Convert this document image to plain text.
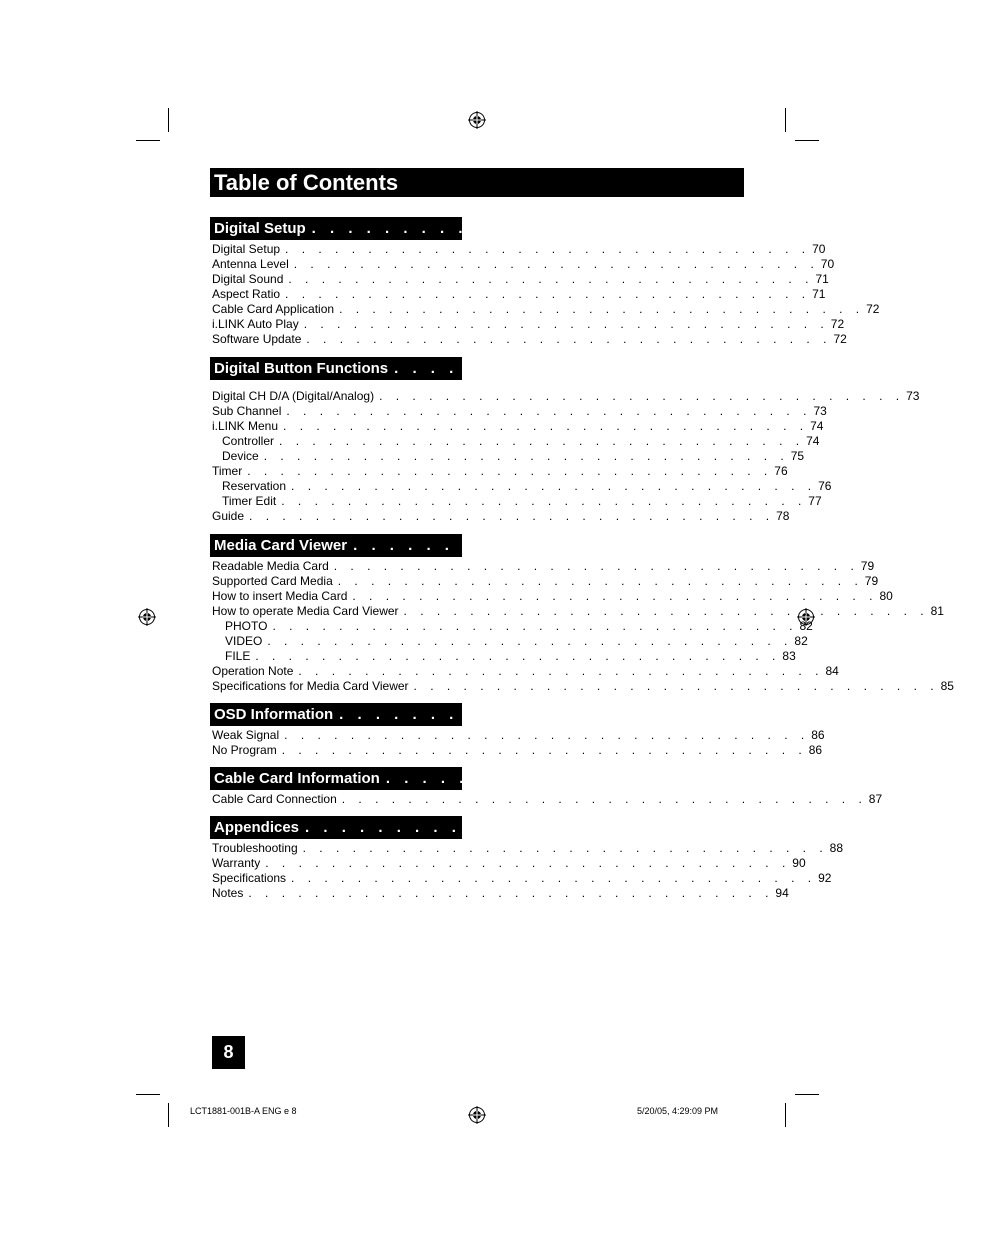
Table of Contents
Digital Setup . . . . . . . . . . . . . . . . . . . . . . . . . . . . . . . . 70
Digital Setup . . . . . . . . . . . . . . . . . . . . . . . . . . . . . . . . 70
Antenna Level . . . . . . . . . . . . . . . . . . . . . . . . . . . . . . . . 70
Digital Sound . . . . . . . . . . . . . . . . . . . . . . . . . . . . . . . . 71
Aspect Ratio . . . . . . . . . . . . . . . . . . . . . . . . . . . . . . . . 71
Cable Card Application . . . . . . . . . . . . . . . . . . . . . . . . . . . . . . . . 72
i.LINK Auto Play . . . . . . . . . . . . . . . . . . . . . . . . . . . . . . . . 72
Software Update . . . . . . . . . . . . . . . . . . . . . . . . . . . . . . . . 72
Digital Button Functions . . . . . . . . . . . . . . . . . . . . . . . . . . . . . . . . 73
Digital CH D/A (Digital/Analog) . . . . . . . . . . . . . . . . . . . . . . . . . . . . . . . . 73
Sub Channel . . . . . . . . . . . . . . . . . . . . . . . . . . . . . . . . 73
i.LINK Menu . . . . . . . . . . . . . . . . . . . . . . . . . . . . . . . . 74
Controller . . . . . . . . . . . . . . . . . . . . . . . . . . . . . . . . 74
Device . . . . . . . . . . . . . . . . . . . . . . . . . . . . . . . . 75
Timer . . . . . . . . . . . . . . . . . . . . . . . . . . . . . . . . 76
Reservation . . . . . . . . . . . . . . . . . . . . . . . . . . . . . . . . 76
Timer Edit . . . . . . . . . . . . . . . . . . . . . . . . . . . . . . . . 77
Guide . . . . . . . . . . . . . . . . . . . . . . . . . . . . . . . . 78
Media Card Viewer . . . . . . . . . . . . . . . . . . . . . . . . . . . . . . . . 79
Readable Media Card . . . . . . . . . . . . . . . . . . . . . . . . . . . . . . . . 79
Supported Card Media . . . . . . . . . . . . . . . . . . . . . . . . . . . . . . . . 79
How to insert Media Card . . . . . . . . . . . . . . . . . . . . . . . . . . . . . . . . 80
How to operate Media Card Viewer . . . . . . . . . . . . . . . . . . . . . . . . . . . . . . . . 81
PHOTO . . . . . . . . . . . . . . . . . . . . . . . . . . . . . . . . 82
VIDEO . . . . . . . . . . . . . . . . . . . . . . . . . . . . . . . . 82
FILE . . . . . . . . . . . . . . . . . . . . . . . . . . . . . . . . 83
Operation Note . . . . . . . . . . . . . . . . . . . . . . . . . . . . . . . . 84
Specifications for Media Card Viewer . . . . . . . . . . . . . . . . . . . . . . . . . . . . . . . . 85
OSD Information . . . . . . . . . . . . . . . . . . . . . . . . . . . . . . . . 86
Weak Signal . . . . . . . . . . . . . . . . . . . . . . . . . . . . . . . . 86
No Program . . . . . . . . . . . . . . . . . . . . . . . . . . . . . . . . 86
Cable Card Information . . . . . . . . . . . . . . . . . . . . . . . . . . . . . . . . 87
Cable Card Connection . . . . . . . . . . . . . . . . . . . . . . . . . . . . . . . . 87
Appendices . . . . . . . . . . . . . . . . . . . . . . . . . . . . . . . . 88
Troubleshooting . . . . . . . . . . . . . . . . . . . . . . . . . . . . . . . . 88
Warranty . . . . . . . . . . . . . . . . . . . . . . . . . . . . . . . . 90
Specifications . . . . . . . . . . . . . . . . . . . . . . . . . . . . . . . . 92
Notes . . . . . . . . . . . . . . . . . . . . . . . . . . . . . . . . 94
8
LCT1881-001B-A ENG e 8	5/20/05, 4:29:09 PM
